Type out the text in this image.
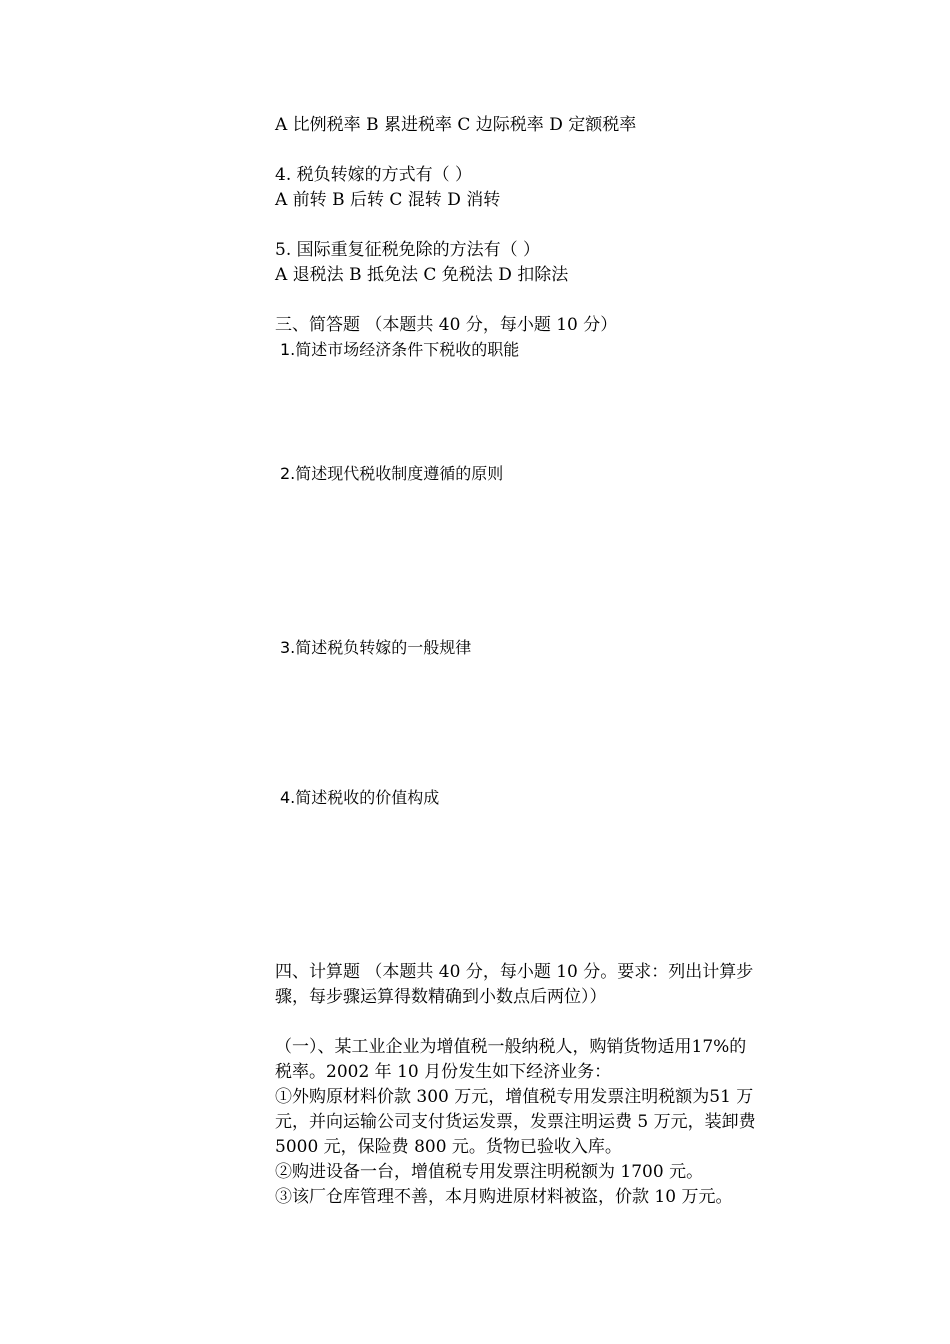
A 比例税率 B 累进税率 C 边际税率 D 定额税率
4. 税负转嫁的方式有（ ）
A 前转 B 后转 C 混转 D 消转
5. 国际重复征税免除的方法有（ ）
A 退税法 B 抵免法 C 免税法 D 扣除法
三、简答题 （本题共 40 分，每小题 10 分）
1.简述市场经济条件下税收的职能
2.简述现代税收制度遵循的原则
3.简述税负转嫁的一般规律
4.简述税收的价值构成
四、计算题 （本题共 40 分，每小题 10 分。要求：列出计算步
骤，每步骤运算得数精确到小数点后两位））
（一）、某工业企业为增值税一般纳税人，购销货物适用17%的
税率。2002 年 10 月份发生如下经济业务：
①外购原材料价款 300 万元，增值税专用发票注明税额为51 万
元，并向运输公司支付货运发票，发票注明运费 5 万元，装卸费
5000 元，保险费 800 元。货物已验收入库。
②购进设备一台，增值税专用发票注明税额为 1700 元。
③该厂仓库管理不善，本月购进原材料被盗，价款 10 万元。
